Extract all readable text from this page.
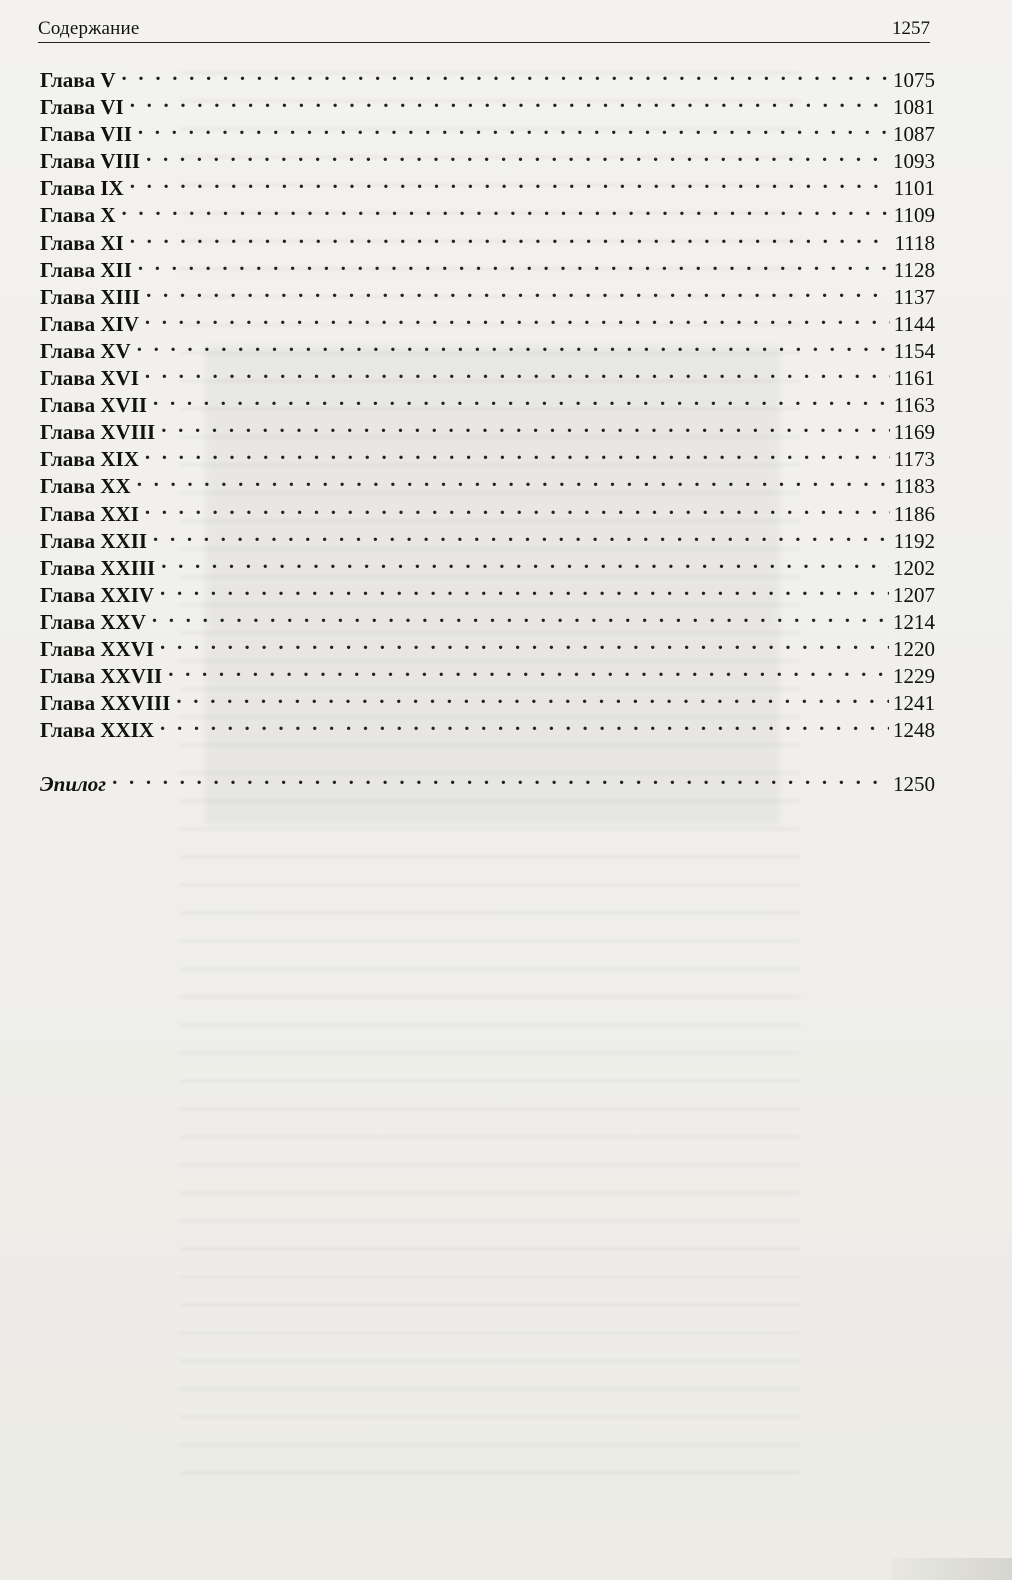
Содержание	1257
Глава V . . .	1075
Глава VI . . .	1081
Глава VII . . .	1087
Глава VIII . . .	1093
Глава IX . . .	1101
Глава X . . .	1109
Глава XI . . .	1118
Глава XII . . .	1128
Глава XIII . . .	1137
Глава XIV . . .	1144
Глава XV . . .	1154
Глава XVI . . .	1161
Глава XVII . . .	1163
Глава XVIII . . .	1169
Глава XIX . . .	1173
Глава XX . . .	1183
Глава XXI . . .	1186
Глава XXII . . .	1192
Глава XXIII . . .	1202
Глава XXIV . . .	1207
Глава XXV . . .	1214
Глава XXVI . . .	1220
Глава XXVII . . .	1229
Глава XXVIII . . .	1241
Глава XXIX . . .	1248
Эпилог . . .	1250
